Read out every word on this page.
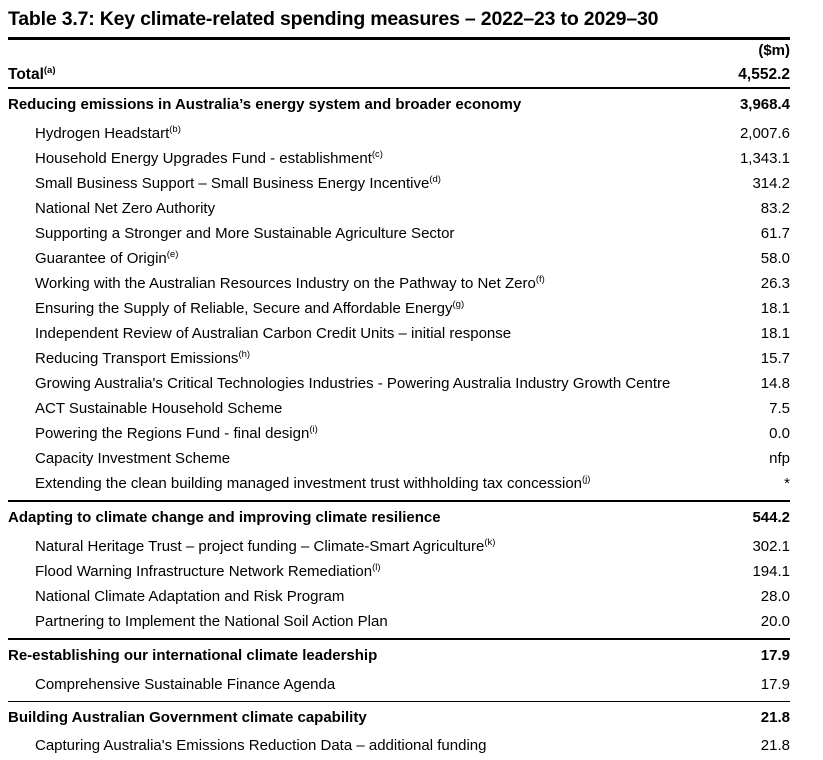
Table 3.7: Key climate-related spending measures – 2022–23 to 2029–30
($m)
Total$^{(a)}$	4,552.2
Reducing emissions in Australia’s energy system and broader economy	3,968.4
Hydrogen Headstart$^{(b)}$	2,007.6
Household Energy Upgrades Fund - establishment$^{(c)}$	1,343.1
Small Business Support – Small Business Energy Incentive$^{(d)}$	314.2
National Net Zero Authority	83.2
Supporting a Stronger and More Sustainable Agriculture Sector	61.7
Guarantee of Origin$^{(e)}$	58.0
Working with the Australian Resources Industry on the Pathway to Net Zero$^{(f)}$	26.3
Ensuring the Supply of Reliable, Secure and Affordable Energy$^{(g)}$	18.1
Independent Review of Australian Carbon Credit Units – initial response	18.1
Reducing Transport Emissions$^{(h)}$	15.7
Growing Australia's Critical Technologies Industries - Powering Australia Industry Growth Centre	14.8
ACT Sustainable Household Scheme	7.5
Powering the Regions Fund - final design$^{(i)}$	0.0
Capacity Investment Scheme	nfp
Extending the clean building managed investment trust withholding tax concession$^{(j)}$	*
Adapting to climate change and improving climate resilience	544.2
Natural Heritage Trust – project funding – Climate-Smart Agriculture$^{(k)}$	302.1
Flood Warning Infrastructure Network Remediation$^{(l)}$	194.1
National Climate Adaptation and Risk Program	28.0
Partnering to Implement the National Soil Action Plan	20.0
Re-establishing our international climate leadership	17.9
Comprehensive Sustainable Finance Agenda	17.9
Building Australian Government climate capability	21.8
Capturing Australia's Emissions Reduction Data – additional funding	21.8
